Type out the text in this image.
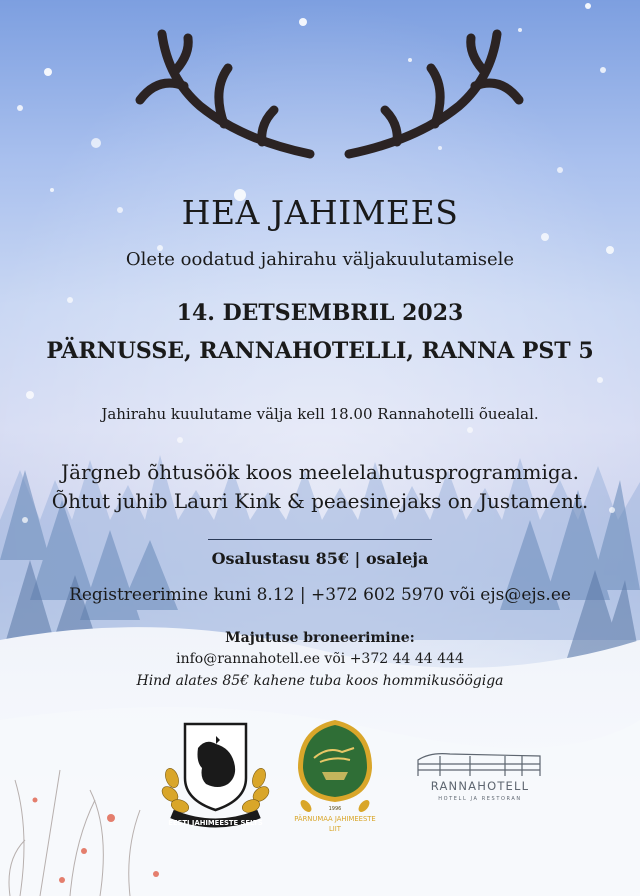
HEA JAHIMEES

Olete oodatud jahirahu väljakuulutamisele

14. DETSEMBRIL 2023

PÄRNUSSE, RANNAHOTELLI, RANNA PST 5

Jahirahu kuulutame välja kell 18.00 Rannahotelli õuealal.

Järgneb õhtusöök koos meelelahutusprogrammiga.

Õhtut juhib Lauri Kink & peaesinejaks on Justament.

Osalustasu 85€ | osaleja

Registreerimine kuni 8.12 | +372 602 5970 või ejs@ejs.ee

Majutuse broneerimine:

info@rannahotell.ee või +372 44 44 444

Hind alates 85€ kahene tuba koos hommikusöögiga

EESTI JAHIMEESTE SELTS
1996
PÄRNUMAA JAHIMEESTE
LIIT
RANNAHOTELL
HOTELL JA RESTORAN
